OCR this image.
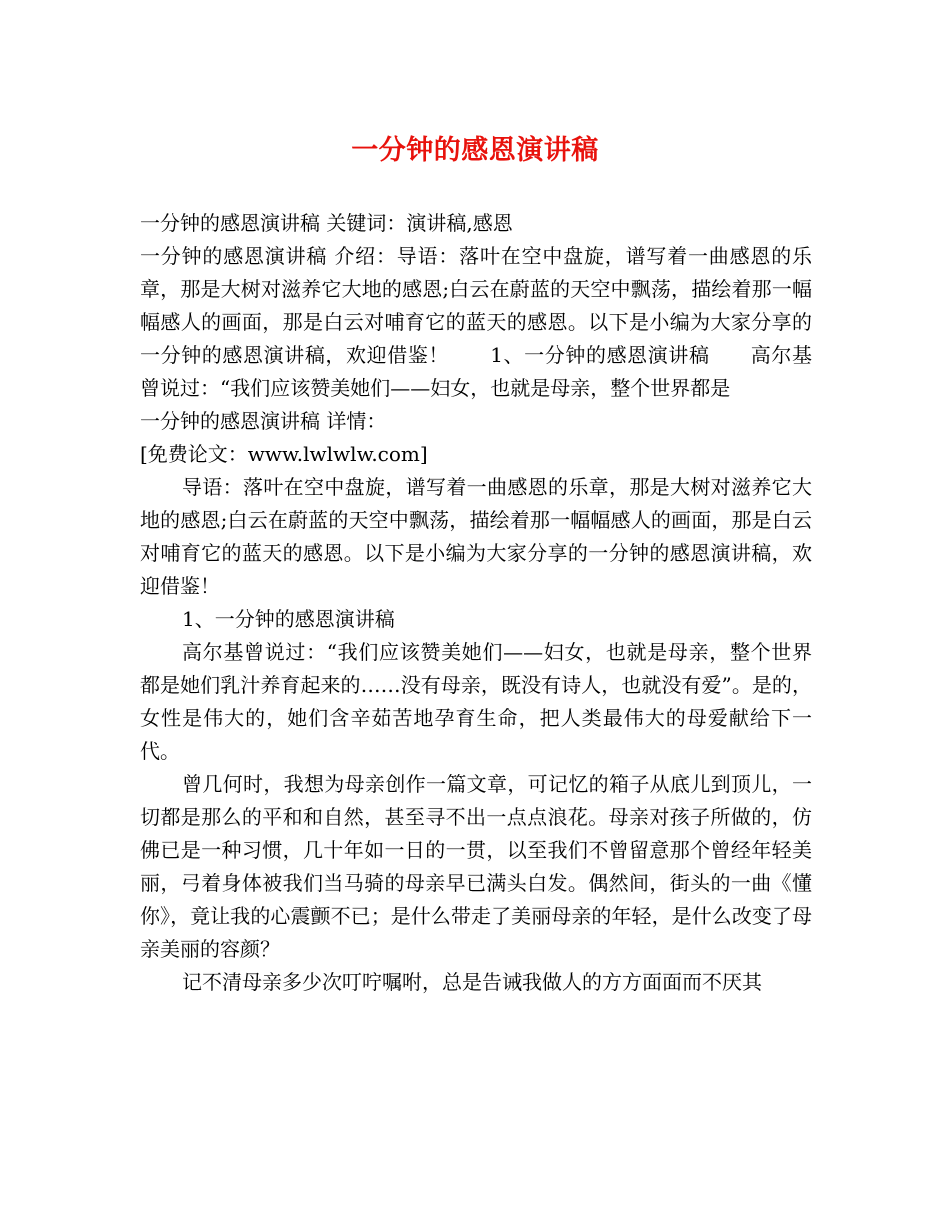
一分钟的感恩演讲稿

一分钟的感恩演讲稿 关键词：演讲稿,感恩

一分钟的感恩演讲稿 介绍：导语：落叶在空中盘旋，谱写着一曲感恩的乐章，那是大树对滋养它大地的感恩;白云在蔚蓝的天空中飘荡，描绘着那一幅幅感人的画面，那是白云对哺育它的蓝天的感恩。以下是小编为大家分享的一分钟的感恩演讲稿，欢迎借鉴！　　1、一分钟的感恩演讲稿　　高尔基曾说过：“我们应该赞美她们——妇女，也就是母亲，整个世界都是

一分钟的感恩演讲稿 详情：

[免费论文：www.lwlwlw.com]

导语：落叶在空中盘旋，谱写着一曲感恩的乐章，那是大树对滋养它大地的感恩;白云在蔚蓝的天空中飘荡，描绘着那一幅幅感人的画面，那是白云对哺育它的蓝天的感恩。以下是小编为大家分享的一分钟的感恩演讲稿，欢迎借鉴！

1、一分钟的感恩演讲稿

高尔基曾说过：“我们应该赞美她们——妇女，也就是母亲，整个世界都是她们乳汁养育起来的……没有母亲，既没有诗人，也就没有爱”。是的，女性是伟大的，她们含辛茹苦地孕育生命，把人类最伟大的母爱献给下一代。

曾几何时，我想为母亲创作一篇文章，可记忆的箱子从底儿到顶儿，一切都是那么的平和和自然，甚至寻不出一点点浪花。母亲对孩子所做的，仿佛已是一种习惯，几十年如一日的一贯，以至我们不曾留意那个曾经年轻美丽，弓着身体被我们当马骑的母亲早已满头白发。偶然间，街头的一曲《懂你》，竟让我的心震颤不已；是什么带走了美丽母亲的年轻，是什么改变了母亲美丽的容颜？

记不清母亲多少次叮咛嘱咐，总是告诫我做人的方方面面而不厌其
